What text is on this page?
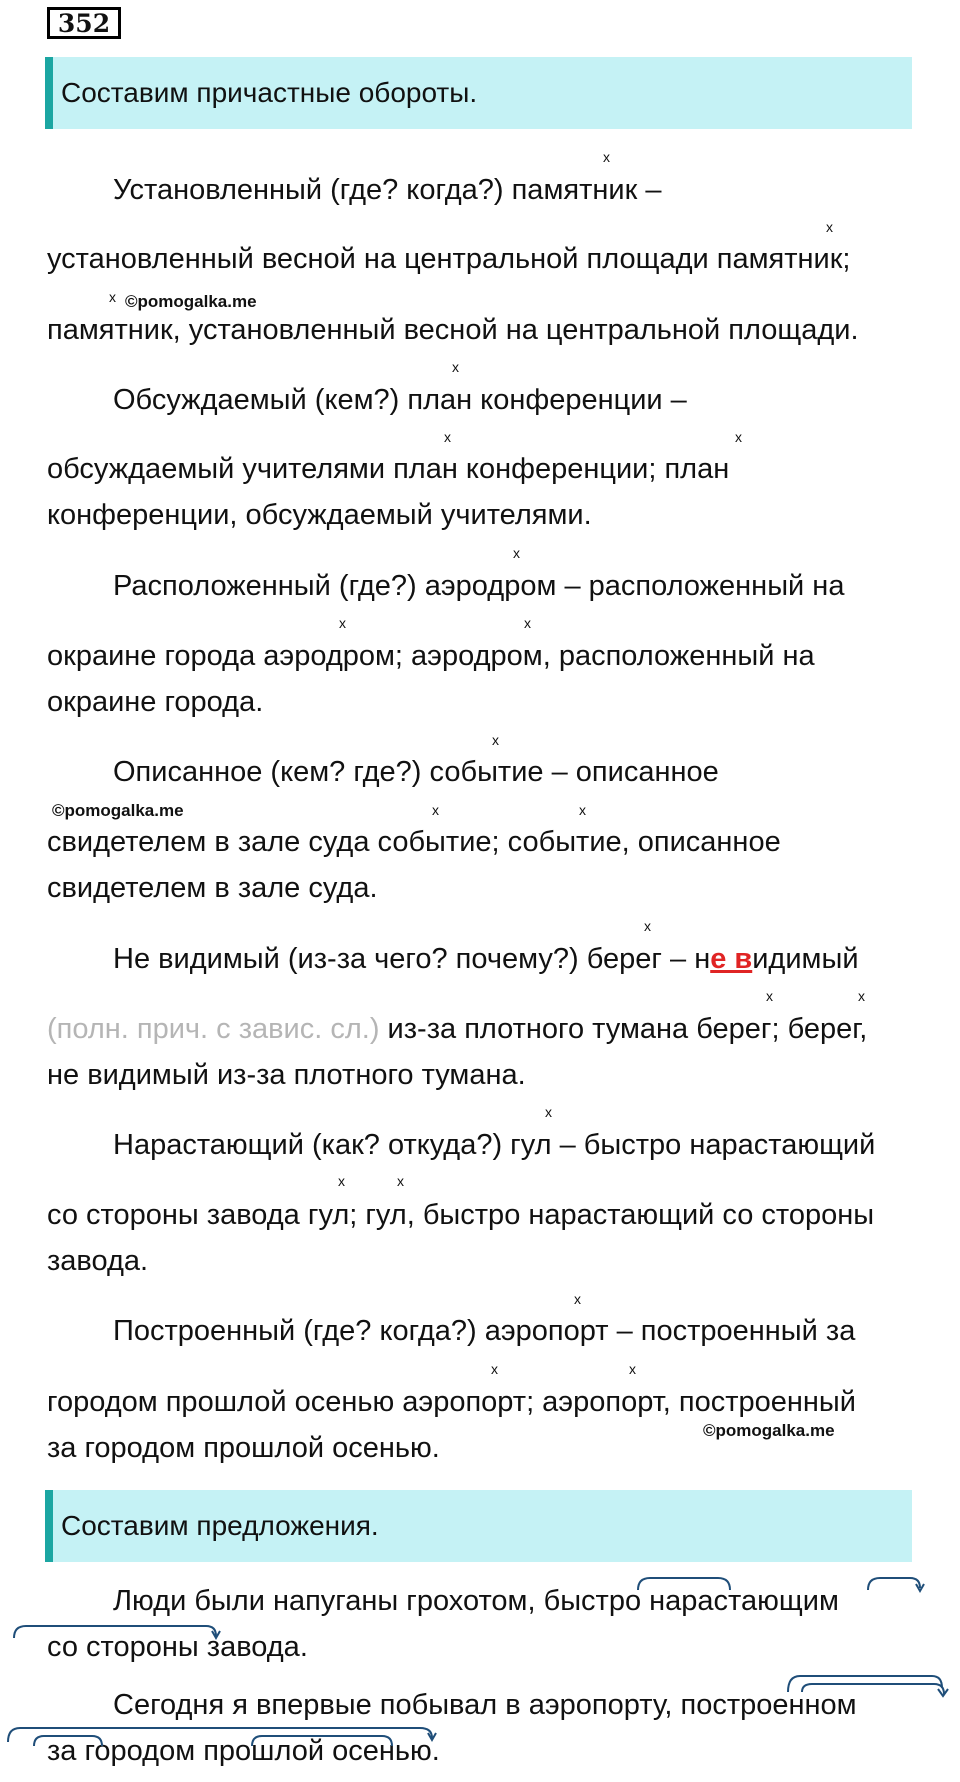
352
Составим причастные обороты.
x
Установленный (где? когда?) памятник –
x
установленный весной на центральной площади памятник;
x ©pomogalka.me
памятник, установленный весной на центральной площади.
x
Обсуждаемый (кем?) план конференции –
x	x
обсуждаемый учителями план конференции; план
конференции, обсуждаемый учителями.
x
Расположенный (где?) аэродром – расположенный на
x	x
окраине города аэродром; аэродром, расположенный на
окраине города.
x
Описанное (кем? где?) событие – описанное
©pomogalka.me	x	x
свидетелем в зале суда событие; событие, описанное
свидетелем в зале суда.
x
Не видимый (из-за чего? почему?) берег – не видимый
x	x
(полн. прич. с завис. сл.) из-за плотного тумана берег; берег,
не видимый из-за плотного тумана.
x
Нарастающий (как? откуда?) гул – быстро нарастающий
x	x
со стороны завода гул; гул, быстро нарастающий со стороны
завода.
x
Построенный (где? когда?) аэропорт – построенный за
x	x
городом прошлой осенью аэропорт; аэропорт, построенный
©pomogalka.me
за городом прошлой осенью.
Составим предложения.
Люди были напуганы грохотом, быстро нарастающим
со стороны завода.
Сегодня я впервые побывал в аэропорту, построенном
за городом прошлой осенью.
